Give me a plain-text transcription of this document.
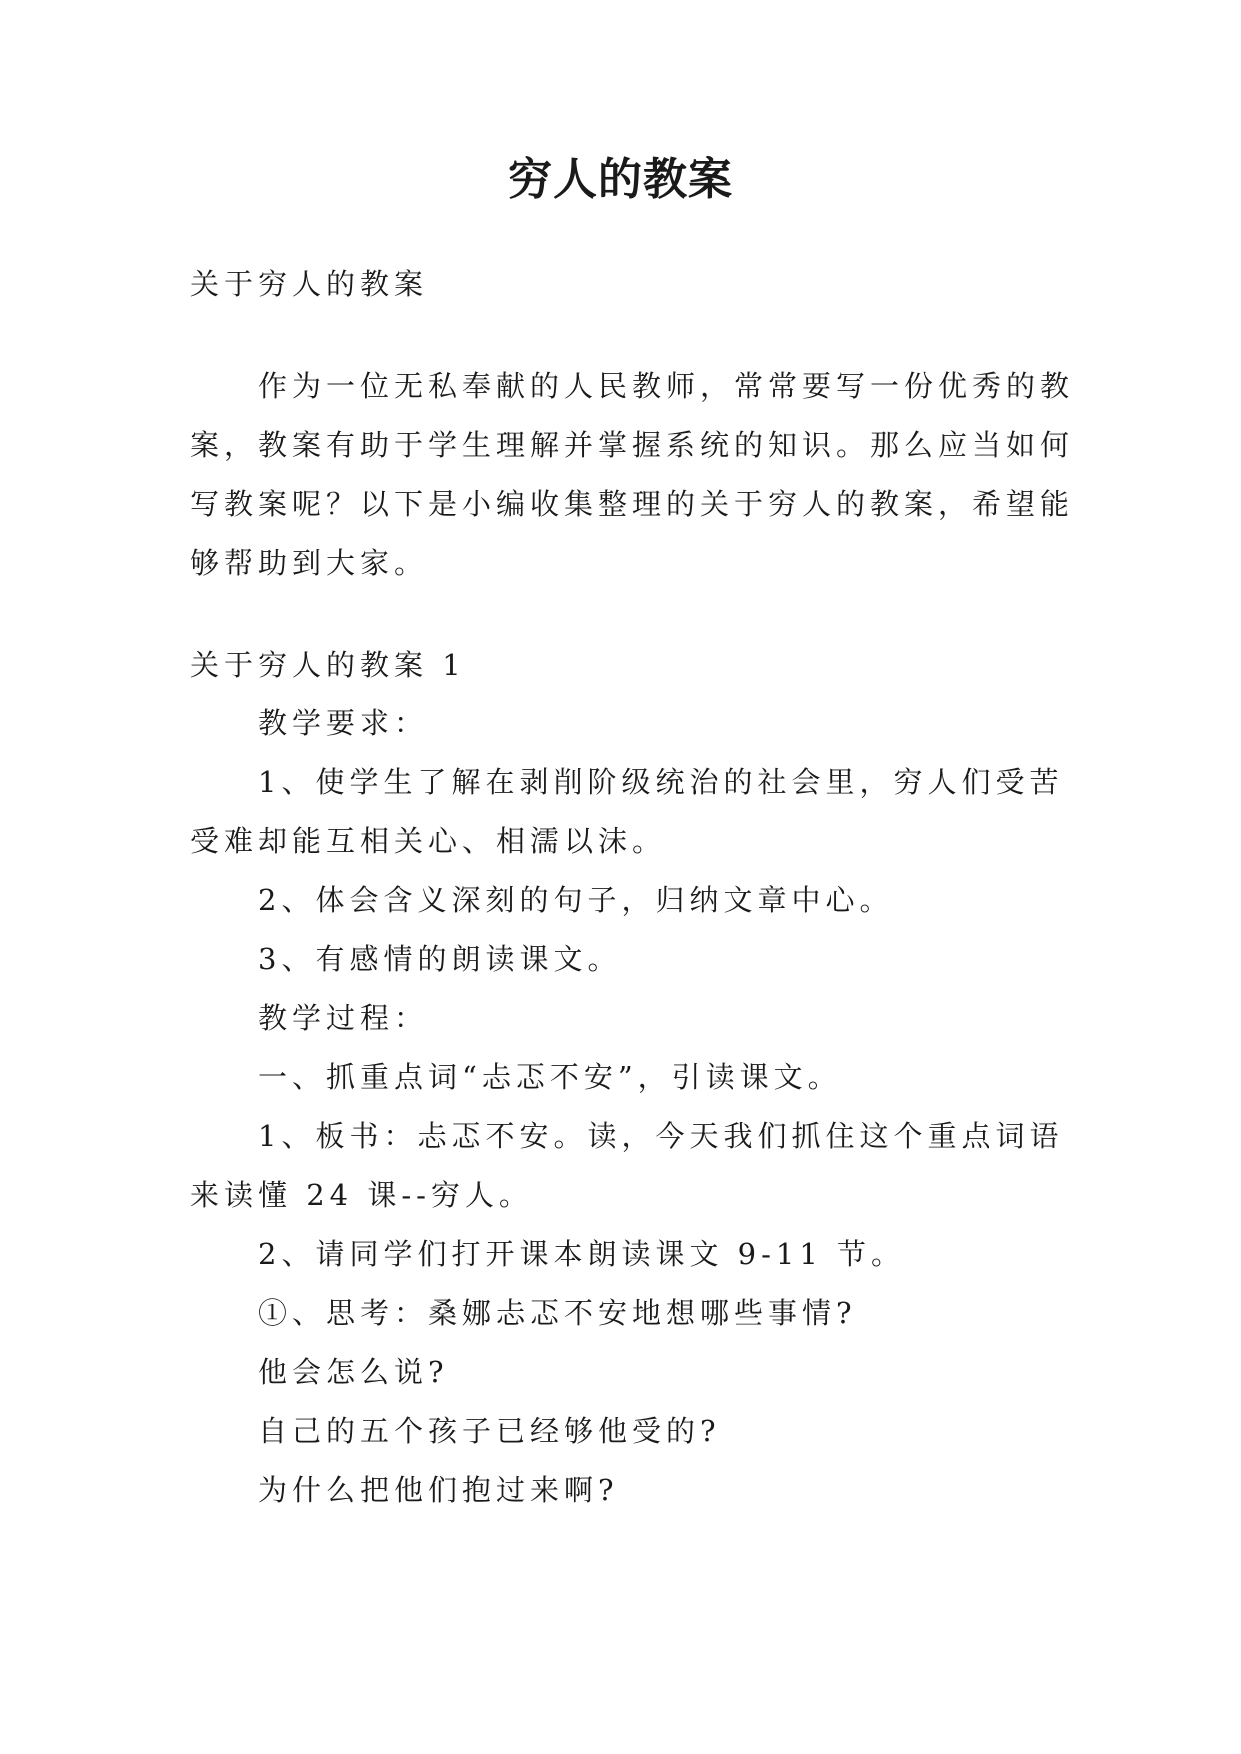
穷人的教案
关于穷人的教案
作为一位无私奉献的人民教师，常常要写一份优秀的教
案，教案有助于学生理解并掌握系统的知识。那么应当如何
写教案呢？以下是小编收集整理的关于穷人的教案，希望能
够帮助到大家。
关于穷人的教案 1
教学要求：
1、使学生了解在剥削阶级统治的社会里，穷人们受苦
受难却能互相关心、相濡以沫。
2、体会含义深刻的句子，归纳文章中心。
3、有感情的朗读课文。
教学过程：
一、抓重点词“忐忑不安”，引读课文。
1、板书：忐忑不安。读，今天我们抓住这个重点词语
来读懂 24 课--穷人。
2、请同学们打开课本朗读课文 9-11 节。
①、思考：桑娜忐忑不安地想哪些事情?
他会怎么说?
自己的五个孩子已经够他受的?
为什么把他们抱过来啊?
